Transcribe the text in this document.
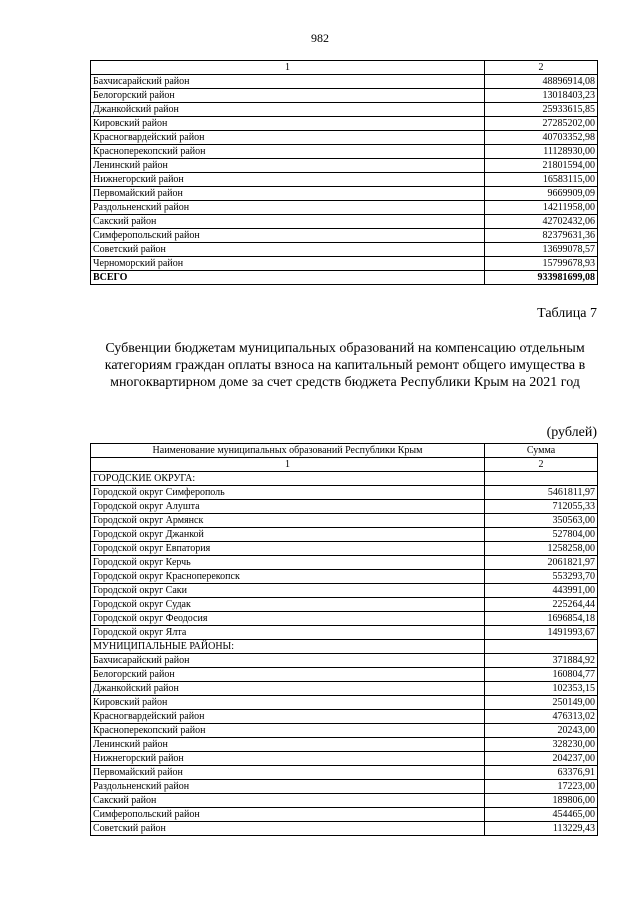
982
1	2
Бахчисарайский район	48896914,08
Белогорский район	13018403,23
Джанкойский район	25933615,85
Кировский район	27285202,00
Красногвардейский район	40703352,98
Красноперекопский район	11128930,00
Ленинский район	21801594,00
Нижнегорский район	16583115,00
Первомайский район	9669909,09
Раздольненский район	14211958,00
Сакский район	42702432,06
Симферопольский район	82379631,36
Советский район	13699078,57
Черноморский район	15799678,93
ВСЕГО	933981699,08
Таблица 7
Субвенции бюджетам муниципальных образований на компенсацию отдельным категориям граждан оплаты взноса на капитальный ремонт общего имущества в многоквартирном доме за счет средств бюджета Республики Крым на 2021 год
(рублей)
Наименование муниципальных образований Республики Крым	Сумма
1	2
ГОРОДСКИЕ ОКРУГА:	
Городской округ Симферополь	5461811,97
Городской округ Алушта	712055,33
Городской округ Армянск	350563,00
Городской округ Джанкой	527804,00
Городской округ Евпатория	1258258,00
Городской округ Керчь	2061821,97
Городской округ Красноперекопск	553293,70
Городской округ Саки	443991,00
Городской округ Судак	225264,44
Городской округ Феодосия	1696854,18
Городской округ Ялта	1491993,67
МУНИЦИПАЛЬНЫЕ РАЙОНЫ:	
Бахчисарайский район	371884,92
Белогорский район	160804,77
Джанкойский район	102353,15
Кировский район	250149,00
Красногвардейский район	476313,02
Красноперекопский район	20243,00
Ленинский район	328230,00
Нижнегорский район	204237,00
Первомайский район	63376,91
Раздольненский район	17223,00
Сакский район	189806,00
Симферопольский район	454465,00
Советский район	113229,43
